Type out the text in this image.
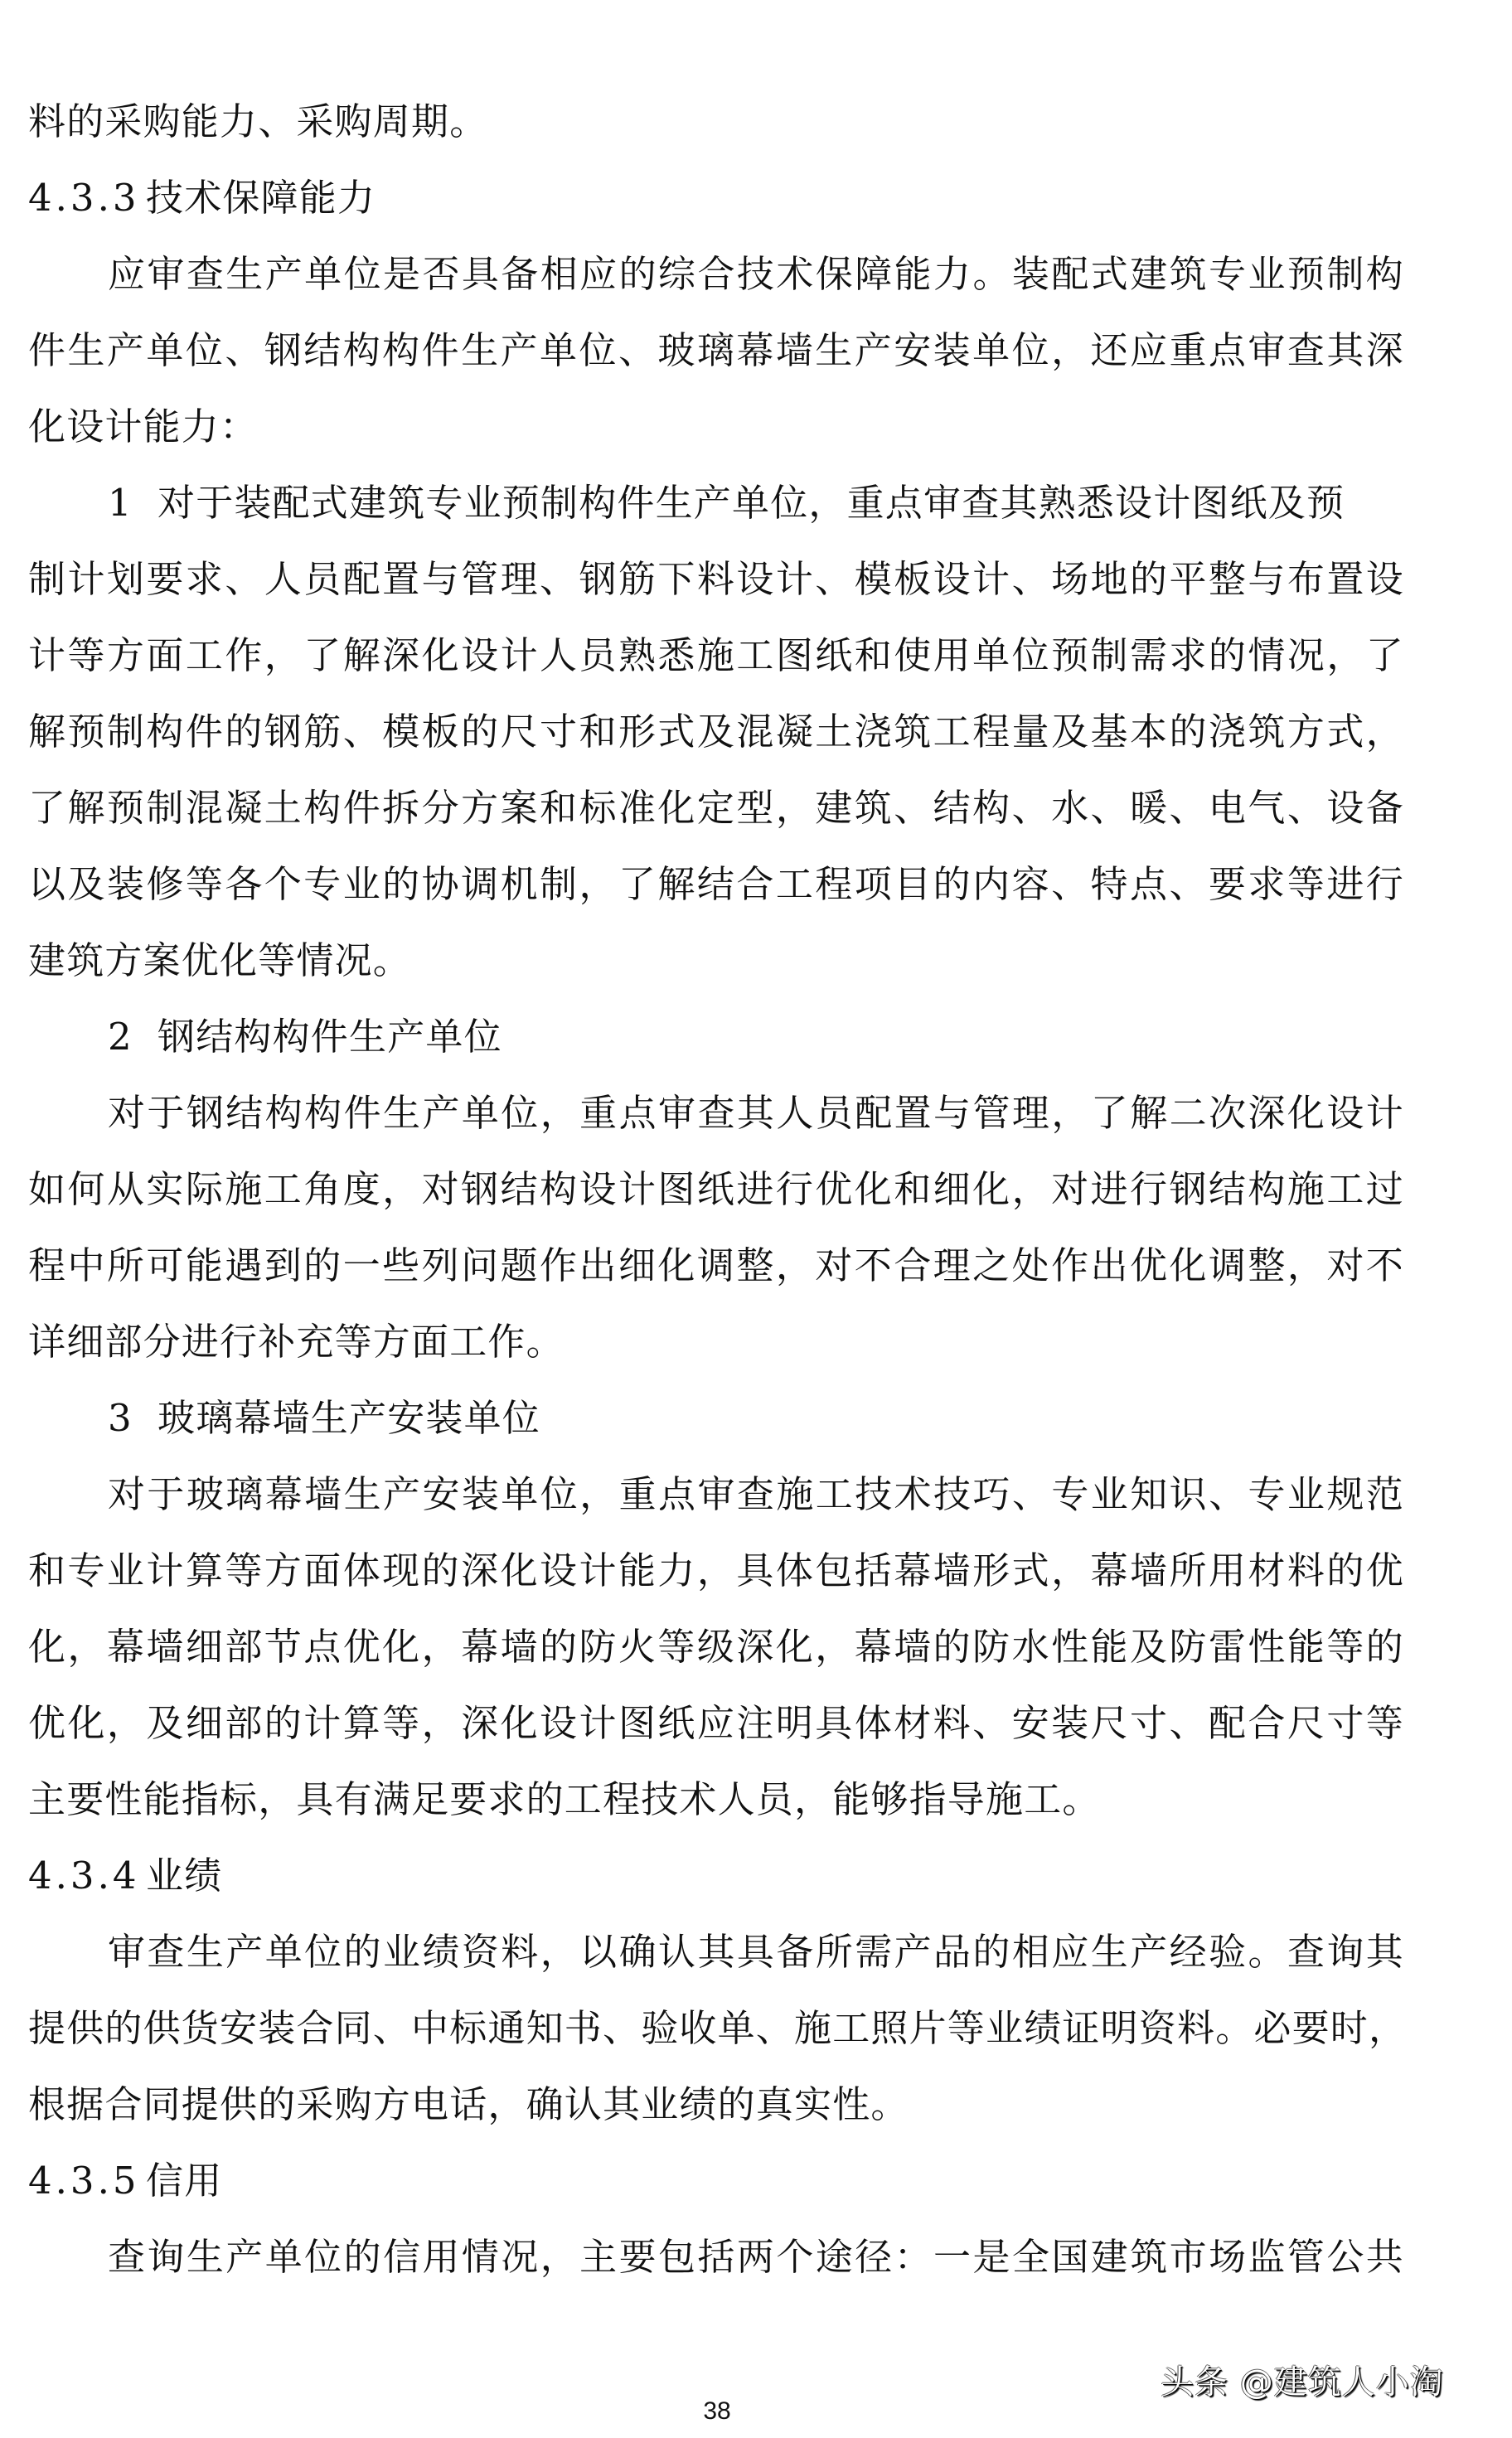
料的采购能力、采购周期。
4.3.3 技术保障能力
应审查生产单位是否具备相应的综合技术保障能力。装配式建筑专业预制构
件生产单位、钢结构构件生产单位、玻璃幕墙生产安装单位，还应重点审查其深
化设计能力：
1 对于装配式建筑专业预制构件生产单位，重点审查其熟悉设计图纸及预
制计划要求、人员配置与管理、钢筋下料设计、模板设计、场地的平整与布置设
计等方面工作，了解深化设计人员熟悉施工图纸和使用单位预制需求的情况，了
解预制构件的钢筋、模板的尺寸和形式及混凝土浇筑工程量及基本的浇筑方式，
了解预制混凝土构件拆分方案和标准化定型，建筑、结构、水、暖、电气、设备
以及装修等各个专业的协调机制，了解结合工程项目的内容、特点、要求等进行
建筑方案优化等情况。
2 钢结构构件生产单位
对于钢结构构件生产单位，重点审查其人员配置与管理，了解二次深化设计
如何从实际施工角度，对钢结构设计图纸进行优化和细化，对进行钢结构施工过
程中所可能遇到的一些列问题作出细化调整，对不合理之处作出优化调整，对不
详细部分进行补充等方面工作。
3 玻璃幕墙生产安装单位
对于玻璃幕墙生产安装单位，重点审查施工技术技巧、专业知识、专业规范
和专业计算等方面体现的深化设计能力，具体包括幕墙形式，幕墙所用材料的优
化，幕墙细部节点优化，幕墙的防火等级深化，幕墙的防水性能及防雷性能等的
优化，及细部的计算等，深化设计图纸应注明具体材料、安装尺寸、配合尺寸等
主要性能指标，具有满足要求的工程技术人员，能够指导施工。
4.3.4 业绩
审查生产单位的业绩资料，以确认其具备所需产品的相应生产经验。查询其
提供的供货安装合同、中标通知书、验收单、施工照片等业绩证明资料。必要时，
根据合同提供的采购方电话，确认其业绩的真实性。
4.3.5 信用
查询生产单位的信用情况，主要包括两个途径：一是全国建筑市场监管公共
头条 @建筑人小淘
38
